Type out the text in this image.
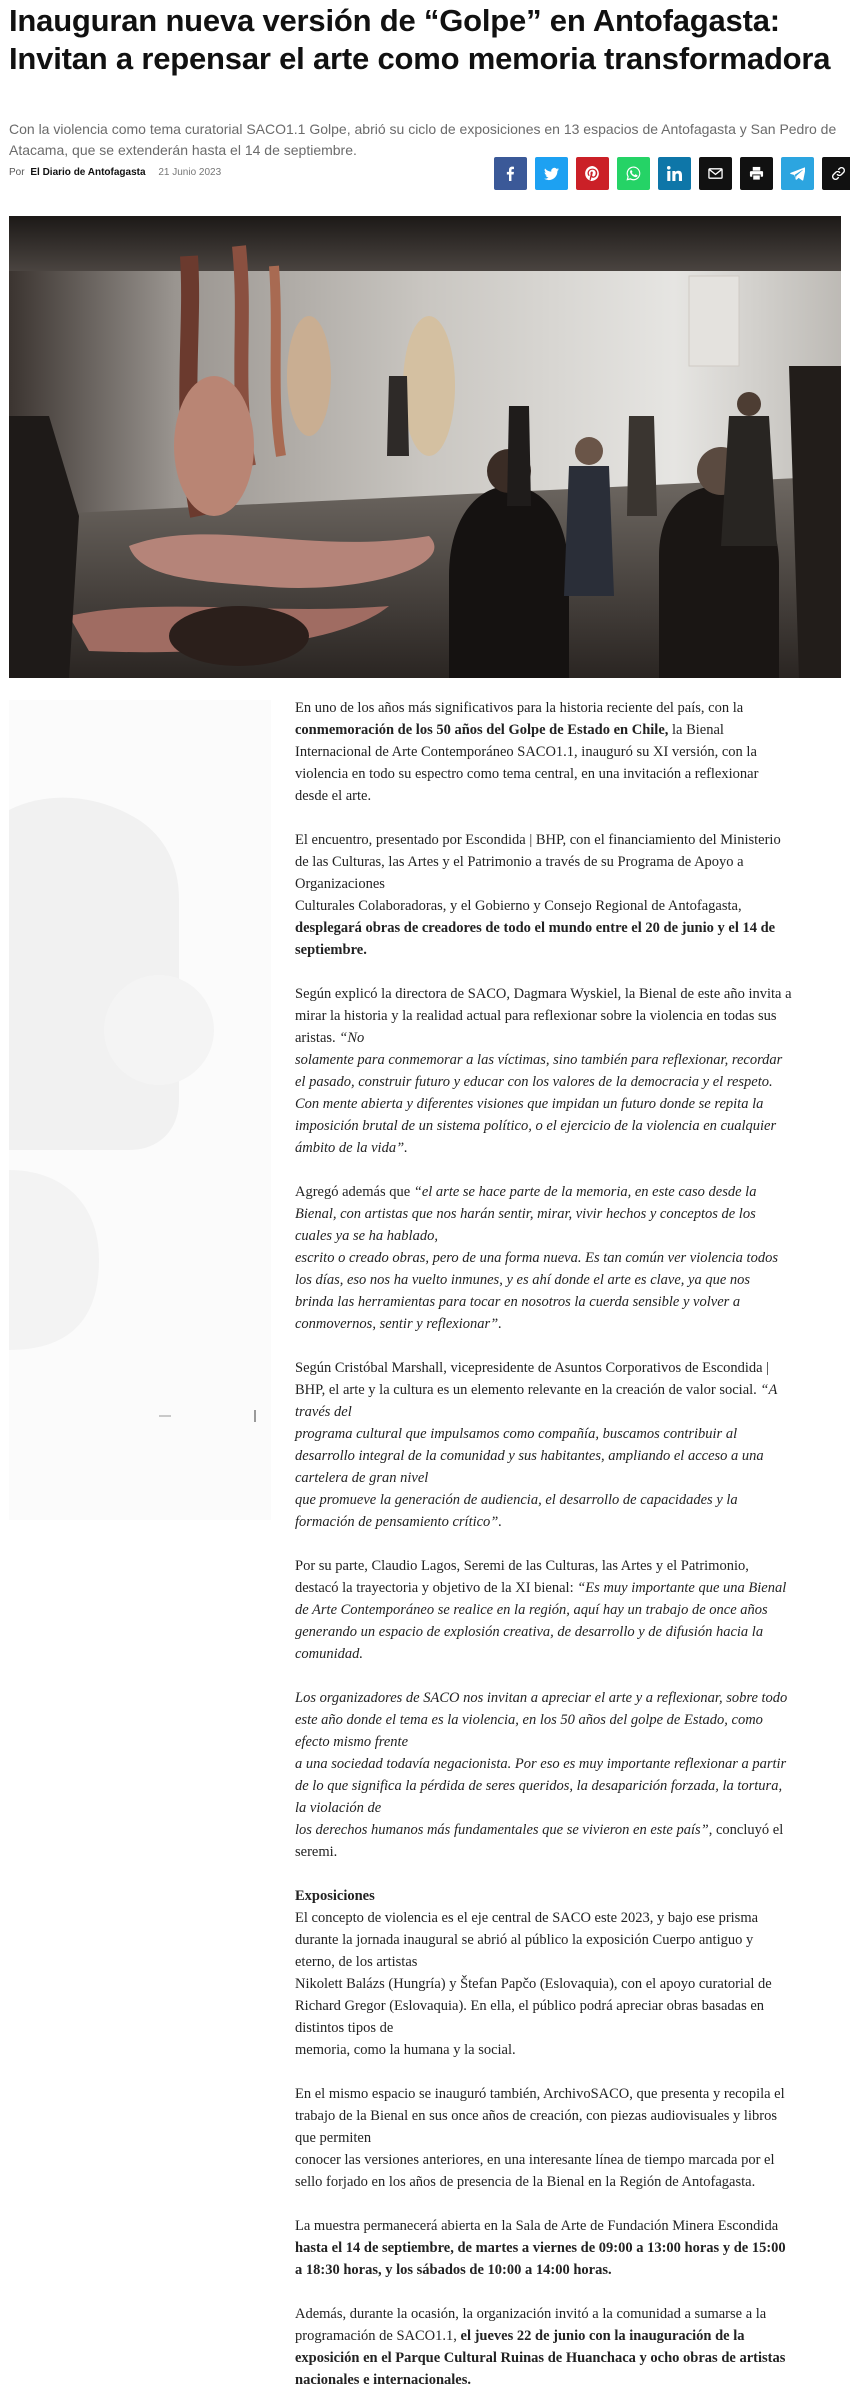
Inauguran nueva versión de “Golpe” en Antofagasta: Invitan a repensar el arte como memoria transformadora

Con la violencia como tema curatorial SACO1.1 Golpe, abrió su ciclo de exposiciones en 13 espacios de Antofagasta y San Pedro de Atacama, que se extenderán hasta el 14 de septiembre.

Por El Diario de Antofagasta 21 Junio 2023

En uno de los años más significativos para la historia reciente del país, con la
conmemoración de los 50 años del Golpe de Estado en Chile, la Bienal
Internacional de Arte Contemporáneo SACO1.1, inauguró su XI versión, con la
violencia en todo su espectro como tema central, en una invitación a reflexionar
desde el arte.

El encuentro, presentado por Escondida | BHP, con el financiamiento del Ministerio
de las Culturas, las Artes y el Patrimonio a través de su Programa de Apoyo a
Organizaciones
Culturales Colaboradoras, y el Gobierno y Consejo Regional de Antofagasta,
desplegará obras de creadores de todo el mundo entre el 20 de junio y el 14 de
septiembre.

Según explicó la directora de SACO, Dagmara Wyskiel, la Bienal de este año invita a
mirar la historia y la realidad actual para reflexionar sobre la violencia en todas sus
aristas. “No
solamente para conmemorar a las víctimas, sino también para reflexionar, recordar
el pasado, construir futuro y educar con los valores de la democracia y el respeto.
Con mente abierta y diferentes visiones que impidan un futuro donde se repita la
imposición brutal de un sistema político, o el ejercicio de la violencia en cualquier
ámbito de la vida”.

Agregó además que “el arte se hace parte de la memoria, en este caso desde la
Bienal, con artistas que nos harán sentir, mirar, vivir hechos y conceptos de los
cuales ya se ha hablado,
escrito o creado obras, pero de una forma nueva. Es tan común ver violencia todos
los días, eso nos ha vuelto inmunes, y es ahí donde el arte es clave, ya que nos
brinda las herramientas para tocar en nosotros la cuerda sensible y volver a
conmovernos, sentir y reflexionar”.

Según Cristóbal Marshall, vicepresidente de Asuntos Corporativos de Escondida |
BHP, el arte y la cultura es un elemento relevante en la creación de valor social. “A
través del
programa cultural que impulsamos como compañía, buscamos contribuir al
desarrollo integral de la comunidad y sus habitantes, ampliando el acceso a una
cartelera de gran nivel
que promueve la generación de audiencia, el desarrollo de capacidades y la
formación de pensamiento crítico”.

Por su parte, Claudio Lagos, Seremi de las Culturas, las Artes y el Patrimonio,
destacó la trayectoria y objetivo de la XI bienal: “Es muy importante que una Bienal
de Arte Contemporáneo se realice en la región, aquí hay un trabajo de once años
generando un espacio de explosión creativa, de desarrollo y de difusión hacia la
comunidad.

Los organizadores de SACO nos invitan a apreciar el arte y a reflexionar, sobre todo
este año donde el tema es la violencia, en los 50 años del golpe de Estado, como
efecto mismo frente
a una sociedad todavía negacionista. Por eso es muy importante reflexionar a partir
de lo que significa la pérdida de seres queridos, la desaparición forzada, la tortura,
la violación de
los derechos humanos más fundamentales que se vivieron en este país”, concluyó el
seremi.

Exposiciones
El concepto de violencia es el eje central de SACO este 2023, y bajo ese prisma
durante la jornada inaugural se abrió al público la exposición Cuerpo antiguo y
eterno, de los artistas
Nikolett Balázs (Hungría) y Štefan Papčo (Eslovaquia), con el apoyo curatorial de
Richard Gregor (Eslovaquia). En ella, el público podrá apreciar obras basadas en
distintos tipos de
memoria, como la humana y la social.

En el mismo espacio se inauguró también, ArchivoSACO, que presenta y recopila el
trabajo de la Bienal en sus once años de creación, con piezas audiovisuales y libros
que permiten
conocer las versiones anteriores, en una interesante línea de tiempo marcada por el
sello forjado en los años de presencia de la Bienal en la Región de Antofagasta.

La muestra permanecerá abierta en la Sala de Arte de Fundación Minera Escondida
hasta el 14 de septiembre, de martes a viernes de 09:00 a 13:00 horas y de 15:00
a 18:30 horas, y los sábados de 10:00 a 14:00 horas.

Además, durante la ocasión, la organización invitó a la comunidad a sumarse a la
programación de SACO1.1, el jueves 22 de junio con la inauguración de la
exposición en el Parque Cultural Ruinas de Huanchaca y ocho obras de artistas
nacionales e internacionales.
